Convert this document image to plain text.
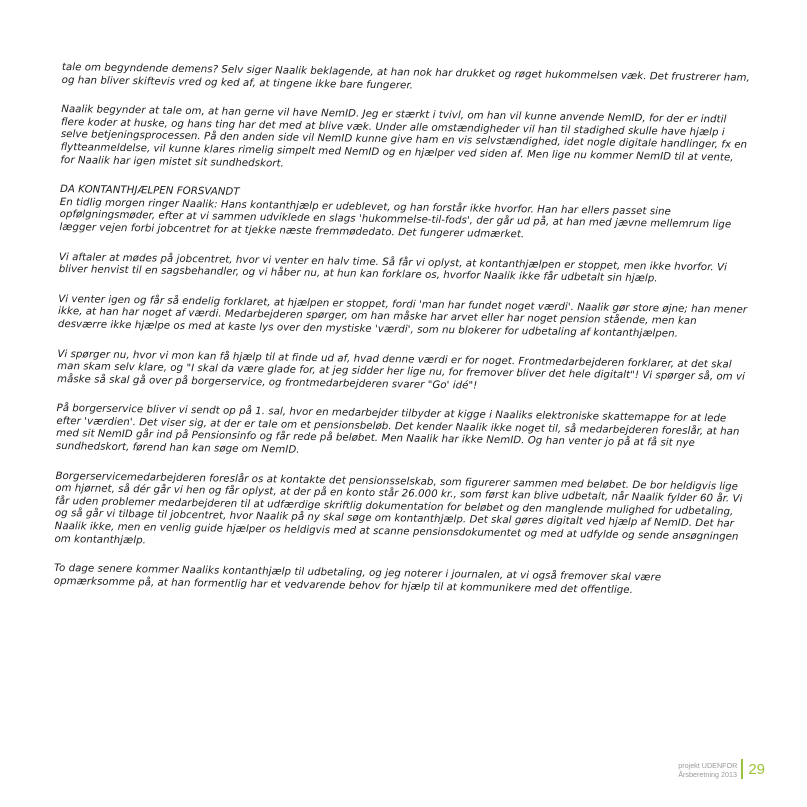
tale om begyndende demens? Selv siger Naalik beklagende, at han nok har drukket og røget hukommelsen væk. Det frustrerer ham, og han bliver skiftevis vred og ked af, at tingene ikke bare fungerer.

Naalik begynder at tale om, at han gerne vil have NemID. Jeg er stærkt i tvivl, om han vil kunne anvende NemID, for der er indtil flere koder at huske, og hans ting har det med at blive væk. Under alle omstændigheder vil han til stadighed skulle have hjælp i selve betjeningsprocessen. På den anden side vil NemID kunne give ham en vis selvstændighed, idet nogle digitale handlinger, fx en flytteanmeldelse, vil kunne klares rimelig simpelt med NemID og en hjælper ved siden af. Men lige nu kommer NemID til at vente, for Naalik har igen mistet sit sundhedskort.

DA KONTANTHJÆLPEN FORSVANDT

En tidlig morgen ringer Naalik: Hans kontanthjælp er udeblevet, og han forstår ikke hvorfor. Han har ellers passet sine opfølgningsmøder, efter at vi sammen udviklede en slags 'hukommelse-til-fods', der går ud på, at han med jævne mellemrum lige lægger vejen forbi jobcentret for at tjekke næste fremmødedato. Det fungerer udmærket.

Vi aftaler at mødes på jobcentret, hvor vi venter en halv time. Så får vi oplyst, at kontanthjælpen er stoppet, men ikke hvorfor. Vi bliver henvist til en sagsbehandler, og vi håber nu, at hun kan forklare os, hvorfor Naalik ikke får udbetalt sin hjælp.

Vi venter igen og får så endelig forklaret, at hjælpen er stoppet, fordi 'man har fundet noget værdi'. Naalik gør store øjne; han mener ikke, at han har noget af værdi. Medarbejderen spørger, om han måske har arvet eller har noget pension stående, men kan desværre ikke hjælpe os med at kaste lys over den mystiske 'værdi', som nu blokerer for udbetaling af kontanthjælpen.

Vi spørger nu, hvor vi mon kan få hjælp til at finde ud af, hvad denne værdi er for noget. Frontmedarbejderen forklarer, at det skal man skam selv klare, og "I skal da være glade for, at jeg sidder her lige nu, for fremover bliver det hele digitalt"! Vi spørger så, om vi måske så skal gå over på borgerservice, og frontmedarbejderen svarer "Go' idé"!

På borgerservice bliver vi sendt op på 1. sal, hvor en medarbejder tilbyder at kigge i Naaliks elektroniske skattemappe for at lede efter 'værdien'. Det viser sig, at der er tale om et pensionsbeløb. Det kender Naalik ikke noget til, så medarbejderen foreslår, at han med sit NemID går ind på Pensionsinfo og får rede på beløbet. Men Naalik har ikke NemID. Og han venter jo på at få sit nye sundhedskort, førend han kan søge om NemID.

Borgerservicemedarbejderen foreslår os at kontakte det pensionsselskab, som figurerer sammen med beløbet. De bor heldigvis lige om hjørnet, så dér går vi hen og får oplyst, at der på en konto står 26.000 kr., som først kan blive udbetalt, når Naalik fylder 60 år. Vi får uden problemer medarbejderen til at udfærdige skriftlig dokumentation for beløbet og den manglende mulighed for udbetaling, og så går vi tilbage til jobcentret, hvor Naalik på ny skal søge om kontanthjælp. Det skal gøres digitalt ved hjælp af NemID. Det har Naalik ikke, men en venlig guide hjælper os heldigvis med at scanne pensionsdokumentet og med at udfylde og sende ansøgningen om kontanthjælp.

To dage senere kommer Naaliks kontanthjælp til udbetaling, og jeg noterer i journalen, at vi også fremover skal være opmærksomme på, at han formentlig har et vedvarende behov for hjælp til at kommunikere med det offentlige.

projekt UDENFOR
Årsberetning 2013 29
